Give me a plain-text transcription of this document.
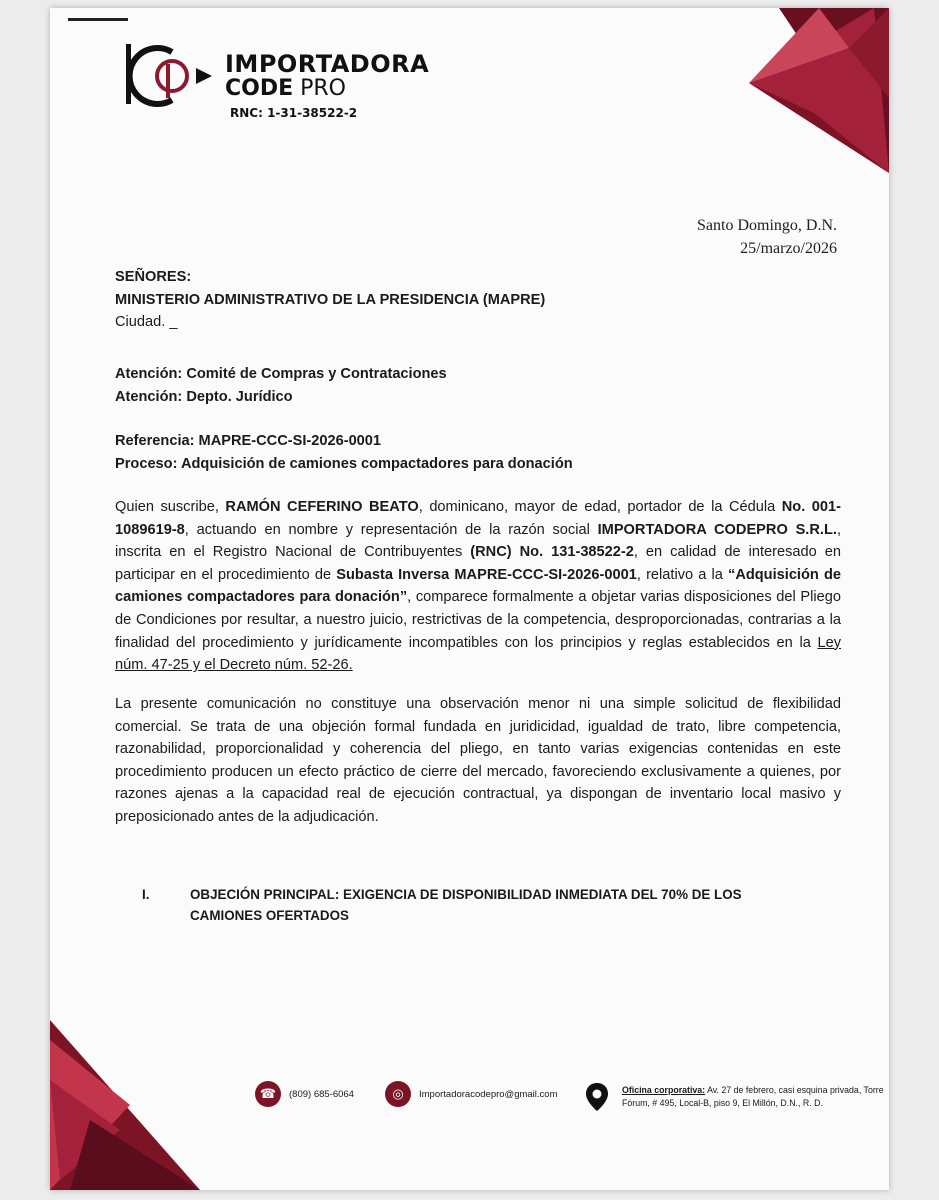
IMPORTADORA
CODE PRO
RNC: 1-31-38522-2
Santo Domingo, D.N.
25/marzo/2026
SEÑORES:
MINISTERIO ADMINISTRATIVO DE LA PRESIDENCIA (MAPRE)
Ciudad. _
Atención: Comité de Compras y Contrataciones
Atención: Depto. Jurídico
Referencia: MAPRE-CCC-SI-2026-0001
Proceso: Adquisición de camiones compactadores para donación
Quien suscribe, RAMÓN CEFERINO BEATO, dominicano, mayor de edad, portador de la Cédula No. 001-1089619-8, actuando en nombre y representación de la razón social IMPORTADORA CODEPRO S.R.L., inscrita en el Registro Nacional de Contribuyentes (RNC) No. 131-38522-2, en calidad de interesado en participar en el procedimiento de Subasta Inversa MAPRE-CCC-SI-2026-0001, relativo a la “Adquisición de camiones compactadores para donación”, comparece formalmente a objetar varias disposiciones del Pliego de Condiciones por resultar, a nuestro juicio, restrictivas de la competencia, desproporcionadas, contrarias a la finalidad del procedimiento y jurídicamente incompatibles con los principios y reglas establecidos en la Ley núm. 47-25 y el Decreto núm. 52-26.
La presente comunicación no constituye una observación menor ni una simple solicitud de flexibilidad comercial. Se trata de una objeción formal fundada en juridicidad, igualdad de trato, libre competencia, razonabilidad, proporcionalidad y coherencia del pliego, en tanto varias exigencias contenidas en este procedimiento producen un efecto práctico de cierre del mercado, favoreciendo exclusivamente a quienes, por razones ajenas a la capacidad real de ejecución contractual, ya dispongan de inventario local masivo y preposicionado antes de la adjudicación.
I.	OBJECIÓN PRINCIPAL: EXIGENCIA DE DISPONIBILIDAD INMEDIATA DEL 70% DE LOS CAMIONES OFERTADOS
☎ (809) 685-6064	◎ Importadoracodepro@gmail.com	Oficina corporativa: Av. 27 de febrero, casi esquina privada, Torre Fórum, # 495, Local-B, piso 9, El Millón, D.N., R. D.
